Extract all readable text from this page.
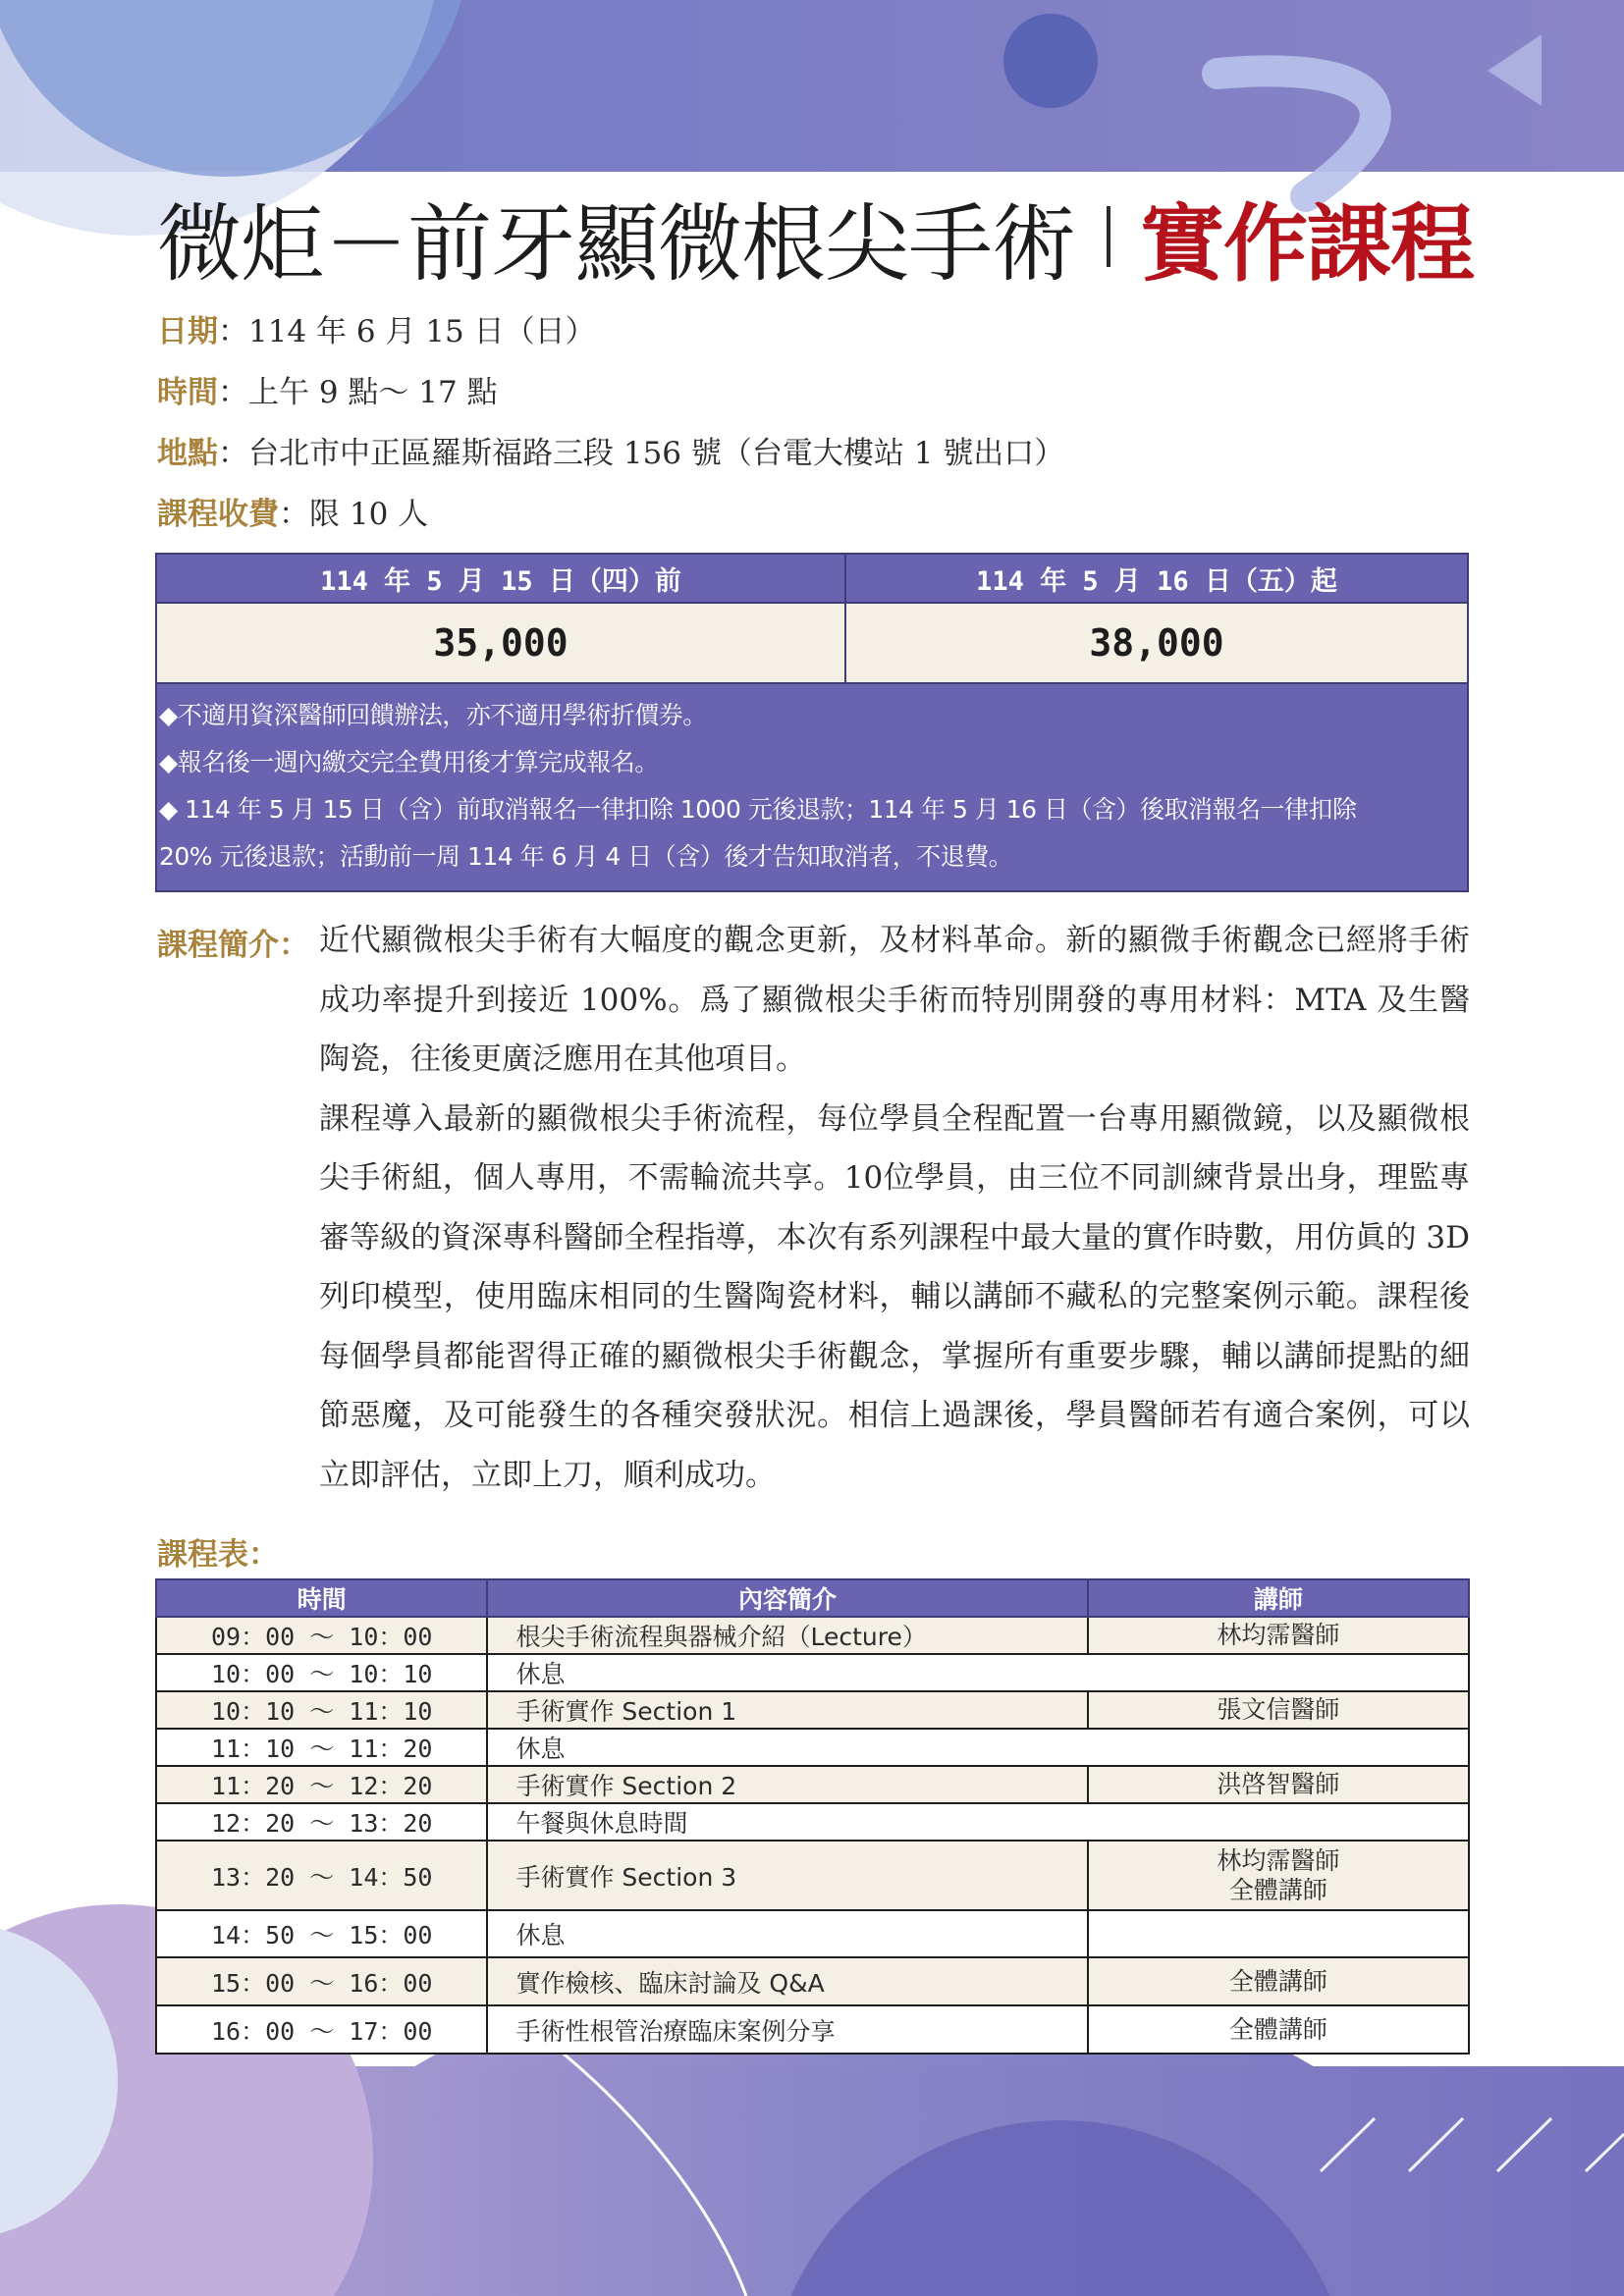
微炬－前牙顯微根尖手術 實作課程
日期：114 年 6 月 15 日（日）
時間：上午 9 點～ 17 點
地點：台北市中正區羅斯福路三段 156 號（台電大樓站 1 號出口）
課程收費：限 10 人
114 年 5 月 15 日（四）前	114 年 5 月 16 日（五）起
35,000	38,000

◆不適用資深醫師回饋辦法，亦不適用學術折價券。

◆報名後一週內繳交完全費用後才算完成報名。

◆ 114 年 5 月 15 日（含）前取消報名一律扣除 1000 元後退款；114 年 5 月 16 日（含）後取消報名一律扣除

20% 元後退款；活動前一周 114 年 6 月 4 日（含）後才告知取消者，不退費。

課程簡介： 近代顯微根尖手術有大幅度的觀念更新，及材料革命。新的顯微手術觀念已經將手術成功率提升到接近 100%。爲了顯微根尖手術而特別開發的專用材料：MTA 及生醫陶瓷，往後更廣泛應用在其他項目。

課程導入最新的顯微根尖手術流程，每位學員全程配置一台專用顯微鏡，以及顯微根尖手術組，個人專用，不需輪流共享。10位學員，由三位不同訓練背景出身，理監專審等級的資深專科醫師全程指導，本次有系列課程中最大量的實作時數，用仿眞的 3D 列印模型，使用臨床相同的生醫陶瓷材料，輔以講師不藏私的完整案例示範。課程後每個學員都能習得正確的顯微根尖手術觀念，掌握所有重要步驟，輔以講師提點的細節惡魔，及可能發生的各種突發狀況。相信上過課後，學員醫師若有適合案例，可以立即評估，立即上刀，順利成功。

課程表：
時間	內容簡介	講師
09：00 ～ 10：00	根尖手術流程與器械介紹（Lecture）	林均霈醫師
10：00 ～ 10：10	休息	
10：10 ～ 11：10	手術實作 Section 1	張文信醫師
11：10 ～ 11：20	休息	
11：20 ～ 12：20	手術實作 Section 2	洪啓智醫師
12：20 ～ 13：20	午餐與休息時間	
13：20 ～ 14：50	手術實作 Section 3	林均霈醫師
全體講師

14：50 ～ 15：00	休息	
15：00 ～ 16：00	實作檢核、臨床討論及 Q&A	全體講師
16：00 ～ 17：00	手術性根管治療臨床案例分享	全體講師
